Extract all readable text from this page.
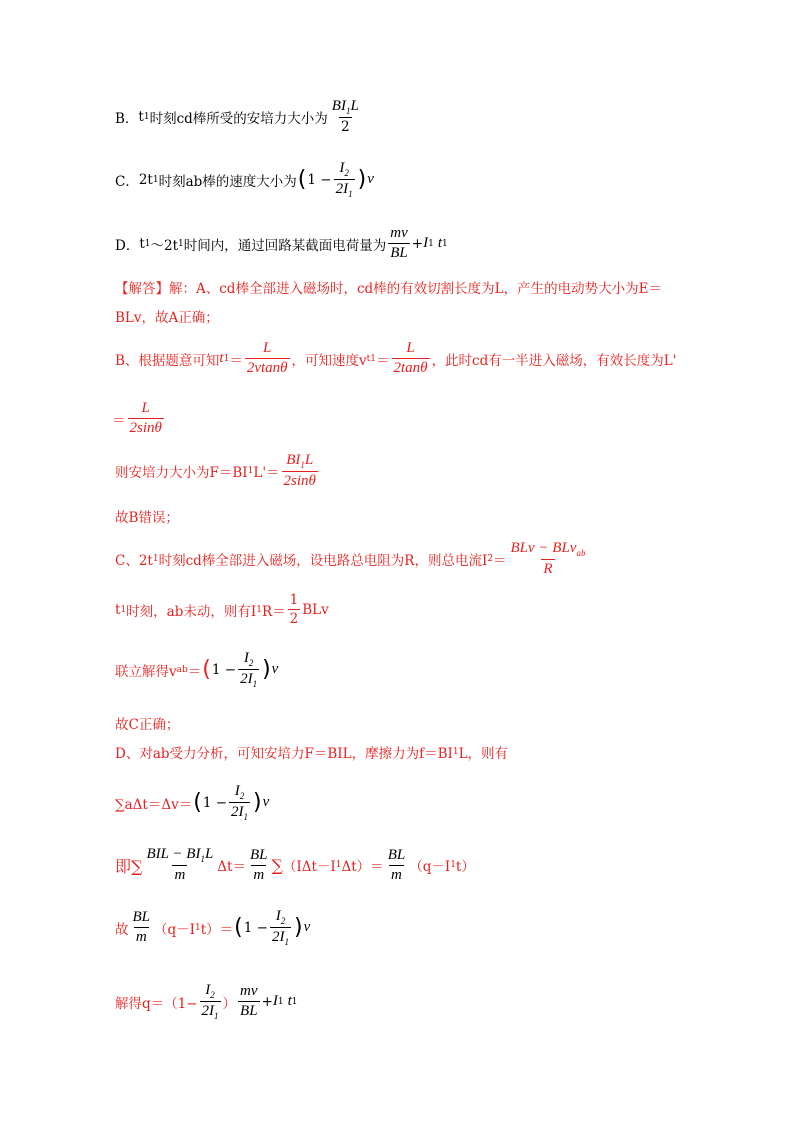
B． t 1 时刻cd棒所受的安培力大小为 $\frac{BI_1L}{2}$
C． 2t 1 时刻ab棒的速度大小为 ( $1 - \frac{I_2}{2I_1}$ ) v
D． t 1 ～2t 1 时间内，通过回路某截面电荷量为 $\frac{mv}{BL} + I$ 1 t 1
【解答】 解：A、cd棒全部进入磁场时，cd棒的有效切割长度为L，产生的电动势大小为E＝
BLv，故A正确；
B、根据题意可知 t $1 = \frac{L}{2vtan\theta}$ ，可知速度v $t1 = \frac{L}{2\tan\theta}$ ，此时cd有一半进入磁场，有效长度为L'
＝ $\frac{L}{2\sin\theta}$
则安培力大小为F＝BI 1 $L'= \frac{BI_1L}{2\sin\theta}$
故B错误；
C、2t 1 时刻cd棒全部进入磁场，设电路总电阻为R，则总电流I $2 = \frac{BLv - BLv_{ab}}{R}$
t 1 时刻，ab未动，则有I 1 $R= \frac{1}{2}$ BLv
联立解得v ab ＝ ( $1 - \frac{I_2}{2I_1}$ ) v
故C正确；
D、对ab受力分析，可知安培力F＝BIL，摩擦力为f＝BI 1 L，则有
∑aΔt＝Δv＝ ( $1 - \frac{I_2}{2I_1}$ ) v
即∑ $\frac{BIL - BI_1L}{m} \Delta t= \frac{BL}{m}$ ∑ （IΔt－I 1 $\Delta t)= \frac{BL}{m} (q-I$ 1 t）
故 $\frac{BL}{m} (q-I$ 1 t）＝ ( $1 - \frac{I_2}{2I_1}$ ) v
解得$q=(1- \frac{I_2}{2I_1}$ ） $\frac{mv}{BL} + I$ 1 t 1
